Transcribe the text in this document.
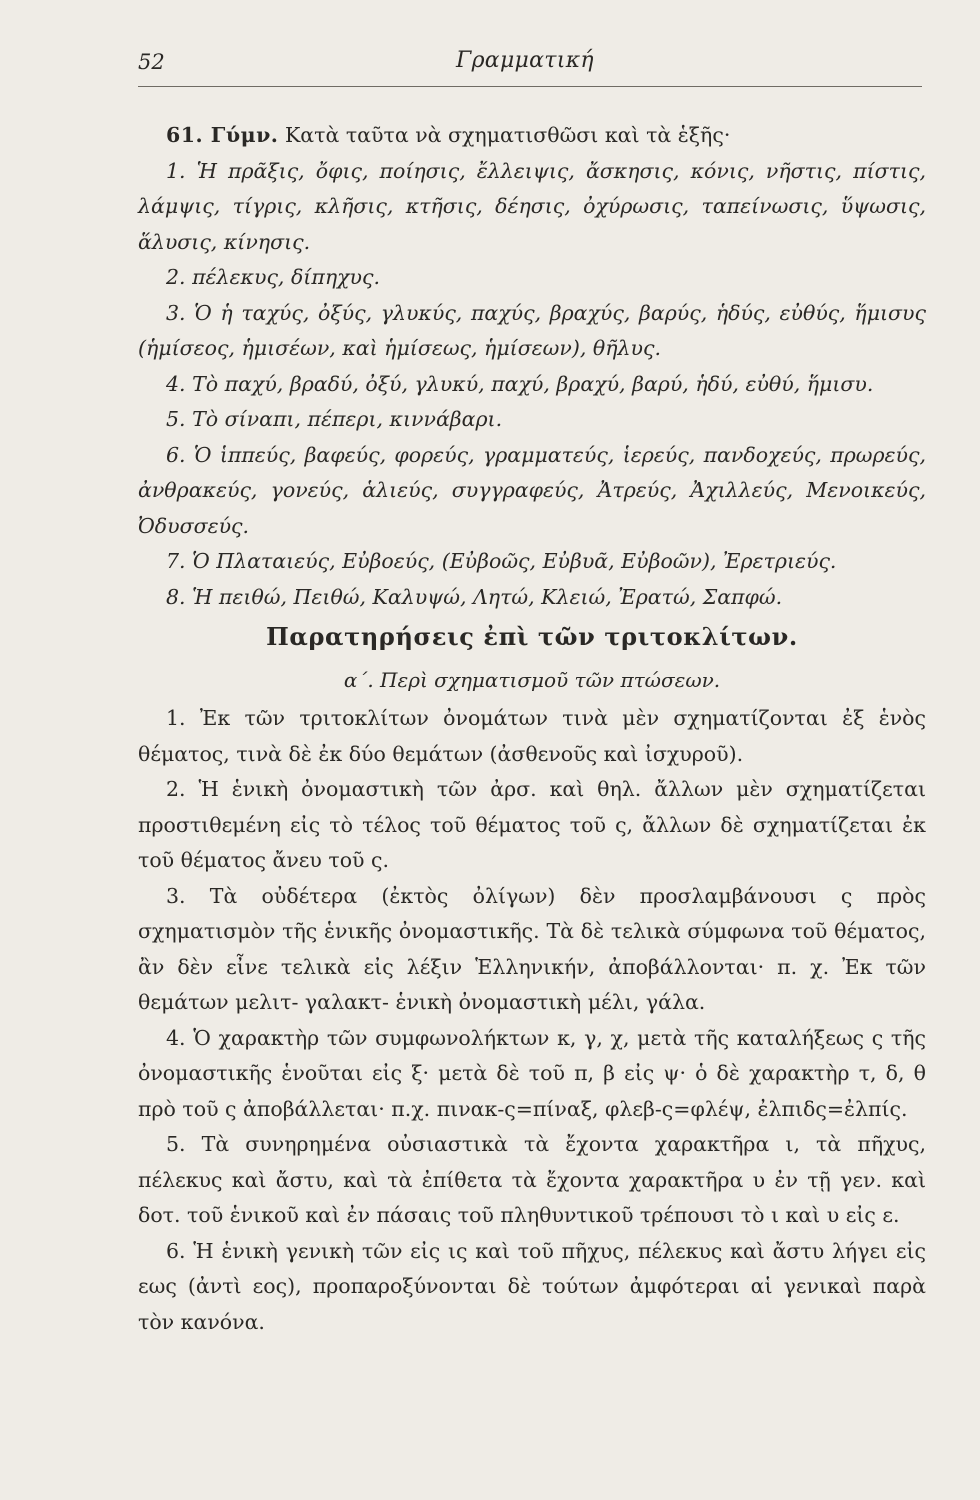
52	Γραμματική

61. Γύμν. Κατὰ ταῦτα νὰ σχηματισθῶσι καὶ τὰ ἑξῆς·

1. Ἡ πρᾶξις, ὄφις, ποίησις, ἔλλειψις, ἄσκησις, κόνις, νῆστις, πίστις, λάμψις, τίγρις, κλῆσις, κτῆσις, δέησις, ὀχύρωσις, ταπείνωσις, ὕψωσις, ἅλυσις, κίνησις.

2. πέλεκυς, δίπηχυς.

3. Ὁ ἡ ταχύς, ὀξύς, γλυκύς, παχύς, βραχύς, βαρύς, ἡδύς, εὐθύς, ἥμισυς (ἡμίσεος, ἡμισέων, καὶ ἡμίσεως, ἡμίσεων), θῆλυς.

4. Τὸ παχύ, βραδύ, ὀξύ, γλυκύ, παχύ, βραχύ, βαρύ, ἡδύ, εὐθύ, ἥμισυ.

5. Τὸ σίναπι, πέπερι, κιννάβαρι.

6. Ὁ ἱππεύς, βαφεύς, φορεύς, γραμματεύς, ἱερεύς, πανδοχεύς, πρωρεύς, ἀνθρακεύς, γονεύς, ἁλιεύς, συγγραφεύς, Ἀτρεύς, Ἀχιλλεύς, Μενοικεύς, Ὀδυσσεύς.

7. Ὁ Πλαταιεύς, Εὐβοεύς, (Εὐβοῶς, Εὐβυᾶ, Εὐβοῶν), Ἐρετριεύς.

8. Ἡ πειθώ, Πειθώ, Καλυψώ, Λητώ, Κλειώ, Ἐρατώ, Σαπφώ.

Παρατηρήσεις ἐπὶ τῶν τριτοκλίτων.

α΄. Περὶ σχηματισμοῦ τῶν πτώσεων.

1. Ἐκ τῶν τριτοκλίτων ὀνομάτων τινὰ μὲν σχηματίζονται ἐξ ἑνὸς θέματος, τινὰ δὲ ἐκ δύο θεμάτων (ἀσθενοῦς καὶ ἰσχυροῦ).

2. Ἡ ἑνικὴ ὀνομαστικὴ τῶν ἀρσ. καὶ θηλ. ἄλλων μὲν σχηματίζεται προστιθεμένη εἰς τὸ τέλος τοῦ θέματος τοῦ ς, ἄλλων δὲ σχηματίζεται ἐκ τοῦ θέματος ἄνευ τοῦ ς.

3. Τὰ οὐδέτερα (ἐκτὸς ὀλίγων) δὲν προσλαμβάνουσι ς πρὸς σχηματισμὸν τῆς ἑνικῆς ὀνομαστικῆς. Τὰ δὲ τελικὰ σύμφωνα τοῦ θέματος, ἂν δὲν εἶνε τελικὰ εἰς λέξιν Ἑλληνικήν, ἀποβάλλονται· π. χ. Ἐκ τῶν θεμάτων μελιτ- γαλακτ- ἑνικὴ ὀνομαστικὴ μέλι, γάλα.

4. Ὁ χαρακτὴρ τῶν συμφωνολήκτων κ, γ, χ, μετὰ τῆς καταλήξεως ς τῆς ὀνομαστικῆς ἑνοῦται εἰς ξ· μετὰ δὲ τοῦ π, β εἰς ψ· ὁ δὲ χαρακτὴρ τ, δ, θ πρὸ τοῦ ς ἀποβάλλεται· π.χ. πινακ-ς=πίναξ, φλεβ-ς=φλέψ, ἐλπιδς=ἐλπίς.

5. Τὰ συνηρημένα οὐσιαστικὰ τὰ ἔχοντα χαρακτῆρα ι, τὰ πῆχυς, πέλεκυς καὶ ἄστυ, καὶ τὰ ἐπίθετα τὰ ἔχοντα χαρακτῆρα υ ἐν τῇ γεν. καὶ δοτ. τοῦ ἑνικοῦ καὶ ἐν πάσαις τοῦ πληθυντικοῦ τρέπουσι τὸ ι καὶ υ εἰς ε.

6. Ἡ ἑνικὴ γενικὴ τῶν εἰς ις καὶ τοῦ πῆχυς, πέλεκυς καὶ ἄστυ λήγει εἰς εως (ἀντὶ εος), προπαροξύνονται δὲ τούτων ἀμφότεραι αἱ γενικαὶ παρὰ τὸν κανόνα.
